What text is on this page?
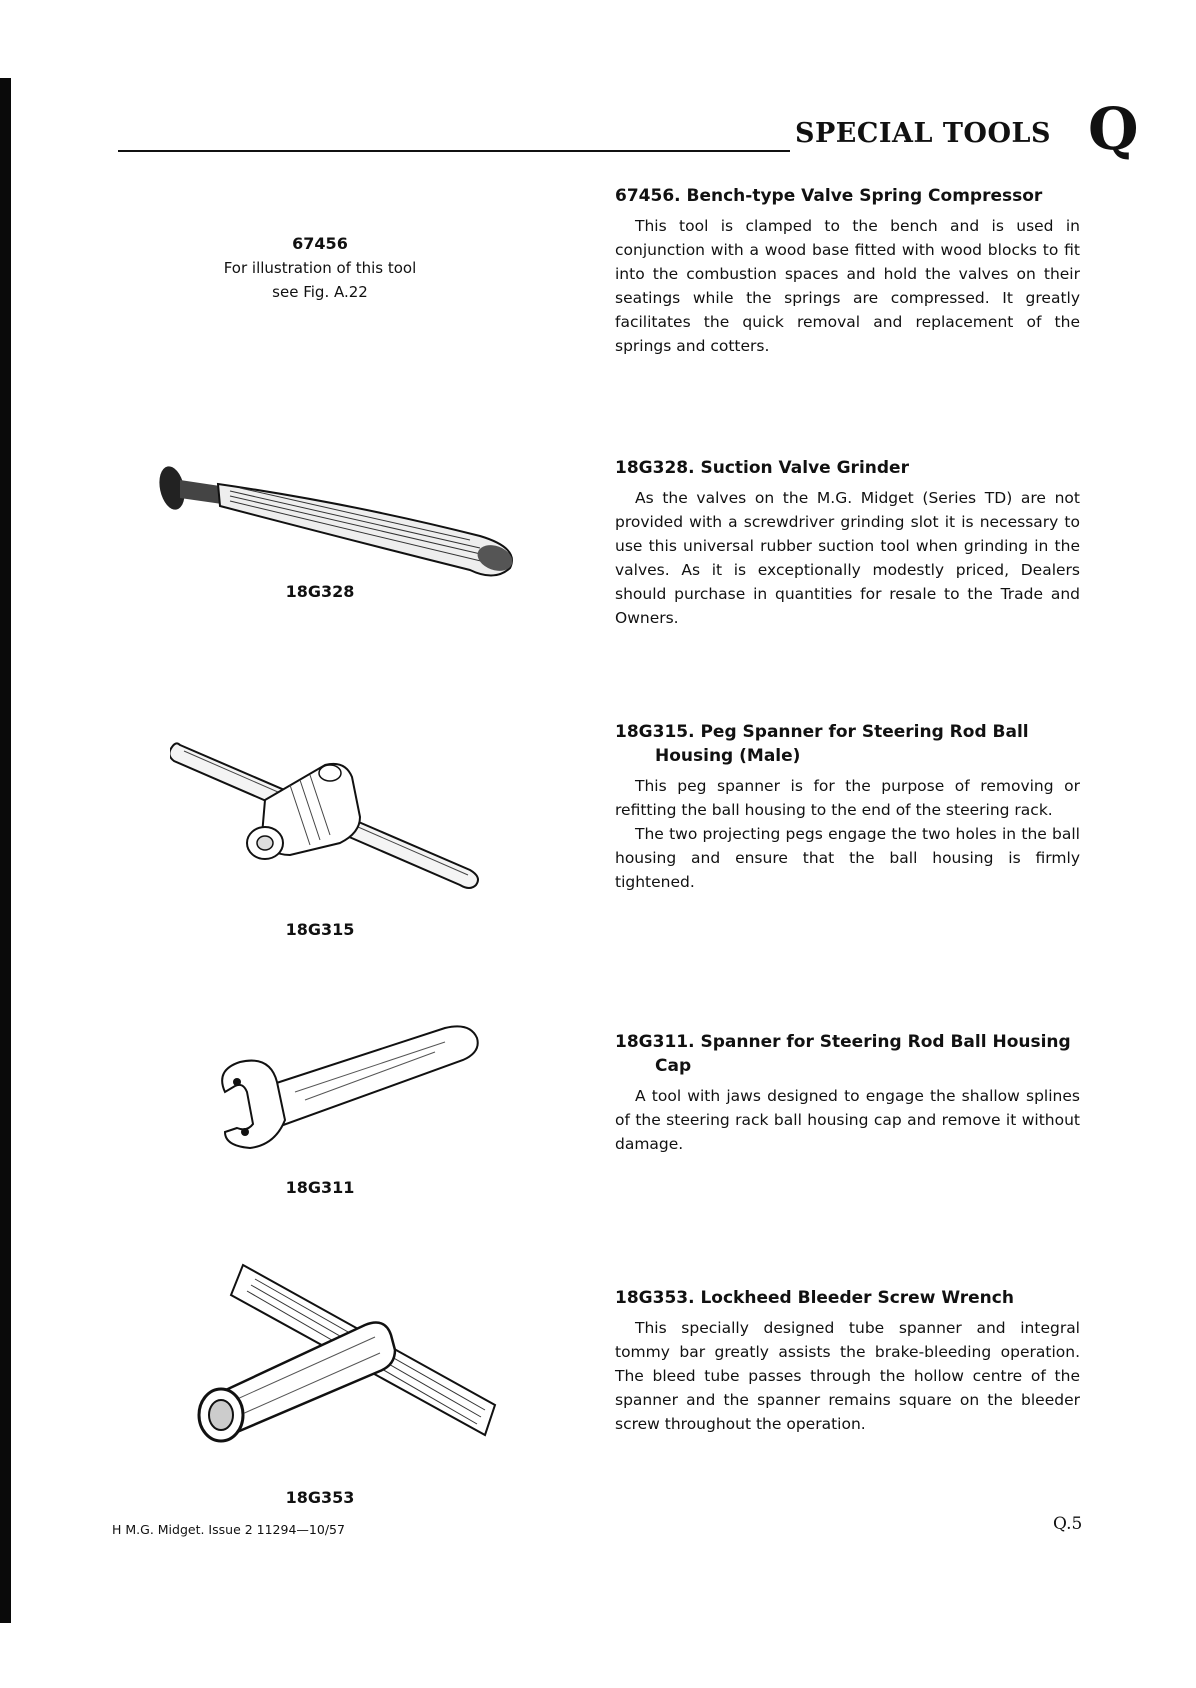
SPECIAL TOOLS Q
67456
For illustration of this tool
see Fig. A.22
67456. Bench-type Valve Spring Compressor

This tool is clamped to the bench and is used in conjunction with a wood base fitted with wood blocks to fit into the combustion spaces and hold the valves on their seatings while the springs are compressed. It greatly facilitates the quick removal and replacement of the springs and cotters.

18G328
18G328. Suction Valve Grinder

As the valves on the M.G. Midget (Series TD) are not provided with a screwdriver grinding slot it is necessary to use this universal rubber suction tool when grinding in the valves. As it is exceptionally modestly priced, Dealers should purchase in quantities for resale to the Trade and Owners.

18G315
18G315. Peg Spanner for Steering Rod Ball
Housing (Male)

This peg spanner is for the purpose of removing or refitting the ball housing to the end of the steering rack.

The two projecting pegs engage the two holes in the ball housing and ensure that the ball housing is firmly tightened.

18G311
18G311. Spanner for Steering Rod Ball Housing
Cap

A tool with jaws designed to engage the shallow splines of the steering rack ball housing cap and remove it without damage.

18G353
18G353. Lockheed Bleeder Screw Wrench

This specially designed tube spanner and integral tommy bar greatly assists the brake-bleeding operation. The bleed tube passes through the hollow centre of the spanner and the spanner remains square on the bleeder screw throughout the operation.

H M.G. Midget. Issue 2 11294—10/57	Q.5
